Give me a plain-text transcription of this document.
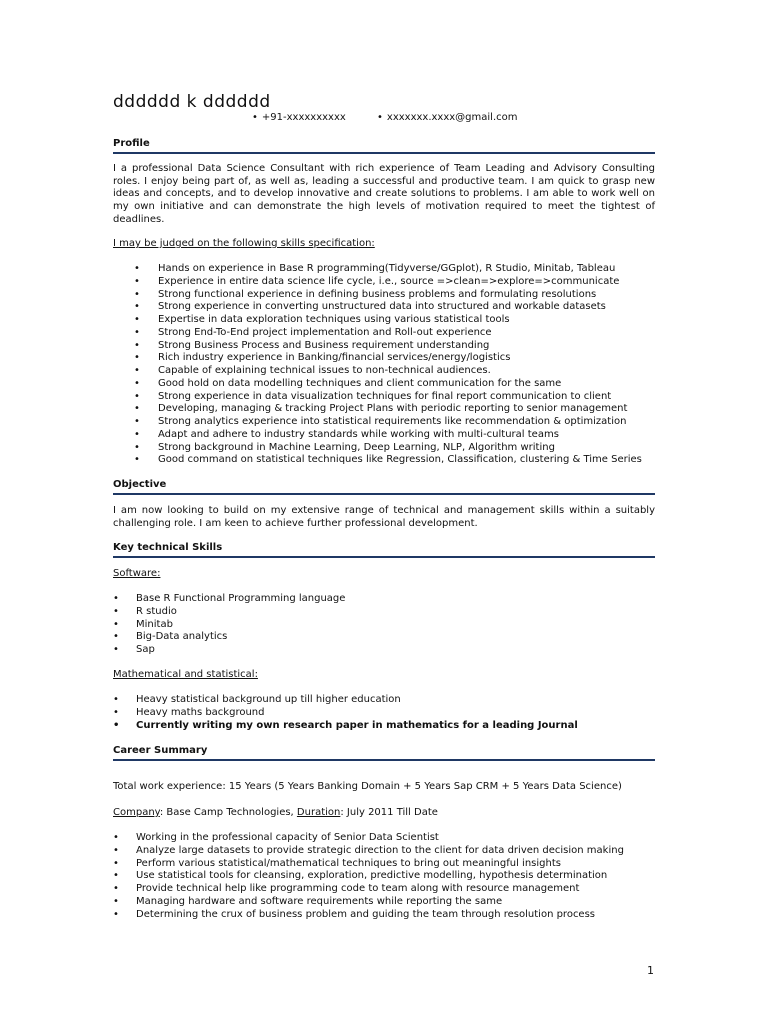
dddddd k dddddd
• +91-xxxxxxxxxx	• xxxxxxx.xxxx@gmail.com
Profile
I a professional Data Science Consultant with rich experience of Team Leading and Advisory Consulting roles. I enjoy being part of, as well as, leading a successful and productive team. I am quick to grasp new ideas and concepts, and to develop innovative and create solutions to problems. I am able to work well on my own initiative and can demonstrate the high levels of motivation required to meet the tightest of deadlines.
I may be judged on the following skills specification:
• Hands on experience in Base R programming(Tidyverse/GGplot), R Studio, Minitab, Tableau
• Experience in entire data science life cycle, i.e., source =>clean=>explore=>communicate
• Strong functional experience in defining business problems and formulating resolutions
• Strong experience in converting unstructured data into structured and workable datasets
• Expertise in data exploration techniques using various statistical tools
• Strong End-To-End project implementation and Roll-out experience
• Strong Business Process and Business requirement understanding
• Rich industry experience in Banking/financial services/energy/logistics
• Capable of explaining technical issues to non-technical audiences.
• Good hold on data modelling techniques and client communication for the same
• Strong experience in data visualization techniques for final report communication to client
• Developing, managing & tracking Project Plans with periodic reporting to senior management
• Strong analytics experience into statistical requirements like recommendation & optimization
• Adapt and adhere to industry standards while working with multi-cultural teams
• Strong background in Machine Learning, Deep Learning, NLP, Algorithm writing
• Good command on statistical techniques like Regression, Classification, clustering & Time Series
Objective
I am now looking to build on my extensive range of technical and management skills within a suitably challenging role. I am keen to achieve further professional development.
Key technical Skills
Software:
• Base R Functional Programming language
• R studio
• Minitab
• Big-Data analytics
• Sap
Mathematical and statistical:
• Heavy statistical background up till higher education
• Heavy maths background
• Currently writing my own research paper in mathematics for a leading Journal
Career Summary
Total work experience: 15 Years (5 Years Banking Domain + 5 Years Sap CRM + 5 Years Data Science)
Company: Base Camp Technologies, Duration: July 2011 Till Date
• Working in the professional capacity of Senior Data Scientist
• Analyze large datasets to provide strategic direction to the client for data driven decision making
• Perform various statistical/mathematical techniques to bring out meaningful insights
• Use statistical tools for cleansing, exploration, predictive modelling, hypothesis determination
• Provide technical help like programming code to team along with resource management
• Managing hardware and software requirements while reporting the same
• Determining the crux of business problem and guiding the team through resolution process
1
